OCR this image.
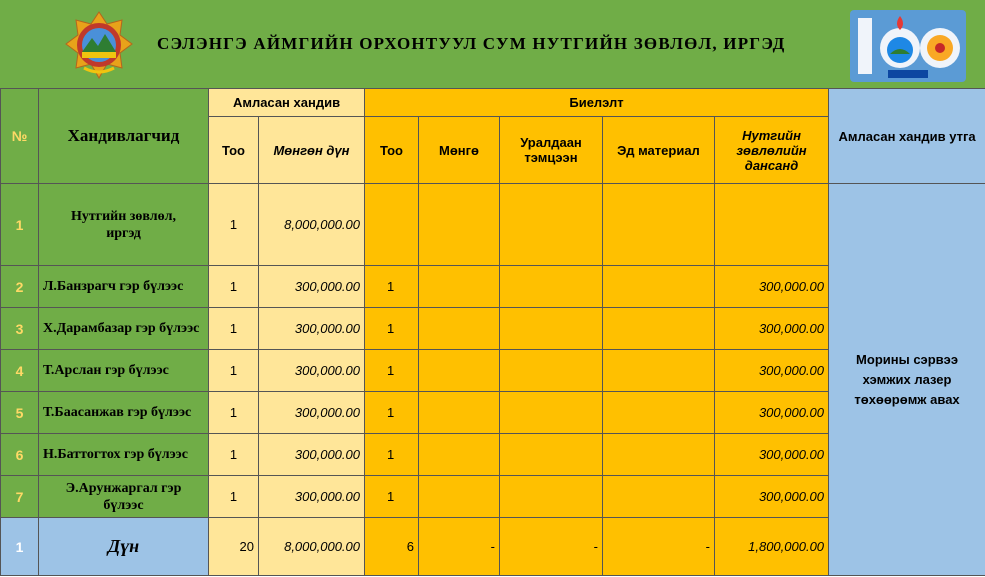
СЭЛЭНГЭ АЙМГИЙН ОРХОНТУУЛ СУМ НУТГИЙН ЗӨВЛӨЛ, ИРГЭД
№	Хандивлагчид	Амласан хандив		Биелэлт					Амласан хандив утга
		Тоо	Мөнгөн дүн	Тоо	Мөнгө	Уралдаан тэмцээн	Эд материал	Нутгийн зөвлөлийн дансанд	
1	Нутгийн зөвлөл, иргэд	1	8,000,000.00						Морины сэрвээ хэмжих лазер төхөөрөмж авах
2	Л.Банзрагч гэр бүлээс	1	300,000.00	1				300,000.00	
3	Х.Дарамбазар гэр бүлээс	1	300,000.00	1				300,000.00	
4	Т.Арслан гэр бүлээс	1	300,000.00	1				300,000.00	
5	Т.Баасанжав гэр бүлээс	1	300,000.00	1				300,000.00	
6	Н.Баттогтох гэр бүлээс	1	300,000.00	1				300,000.00	
7	Э.Арунжаргал гэр бүлээс	1	300,000.00	1				300,000.00	
1	Дүн	20	8,000,000.00	6	-	-	-	1,800,000.00	
